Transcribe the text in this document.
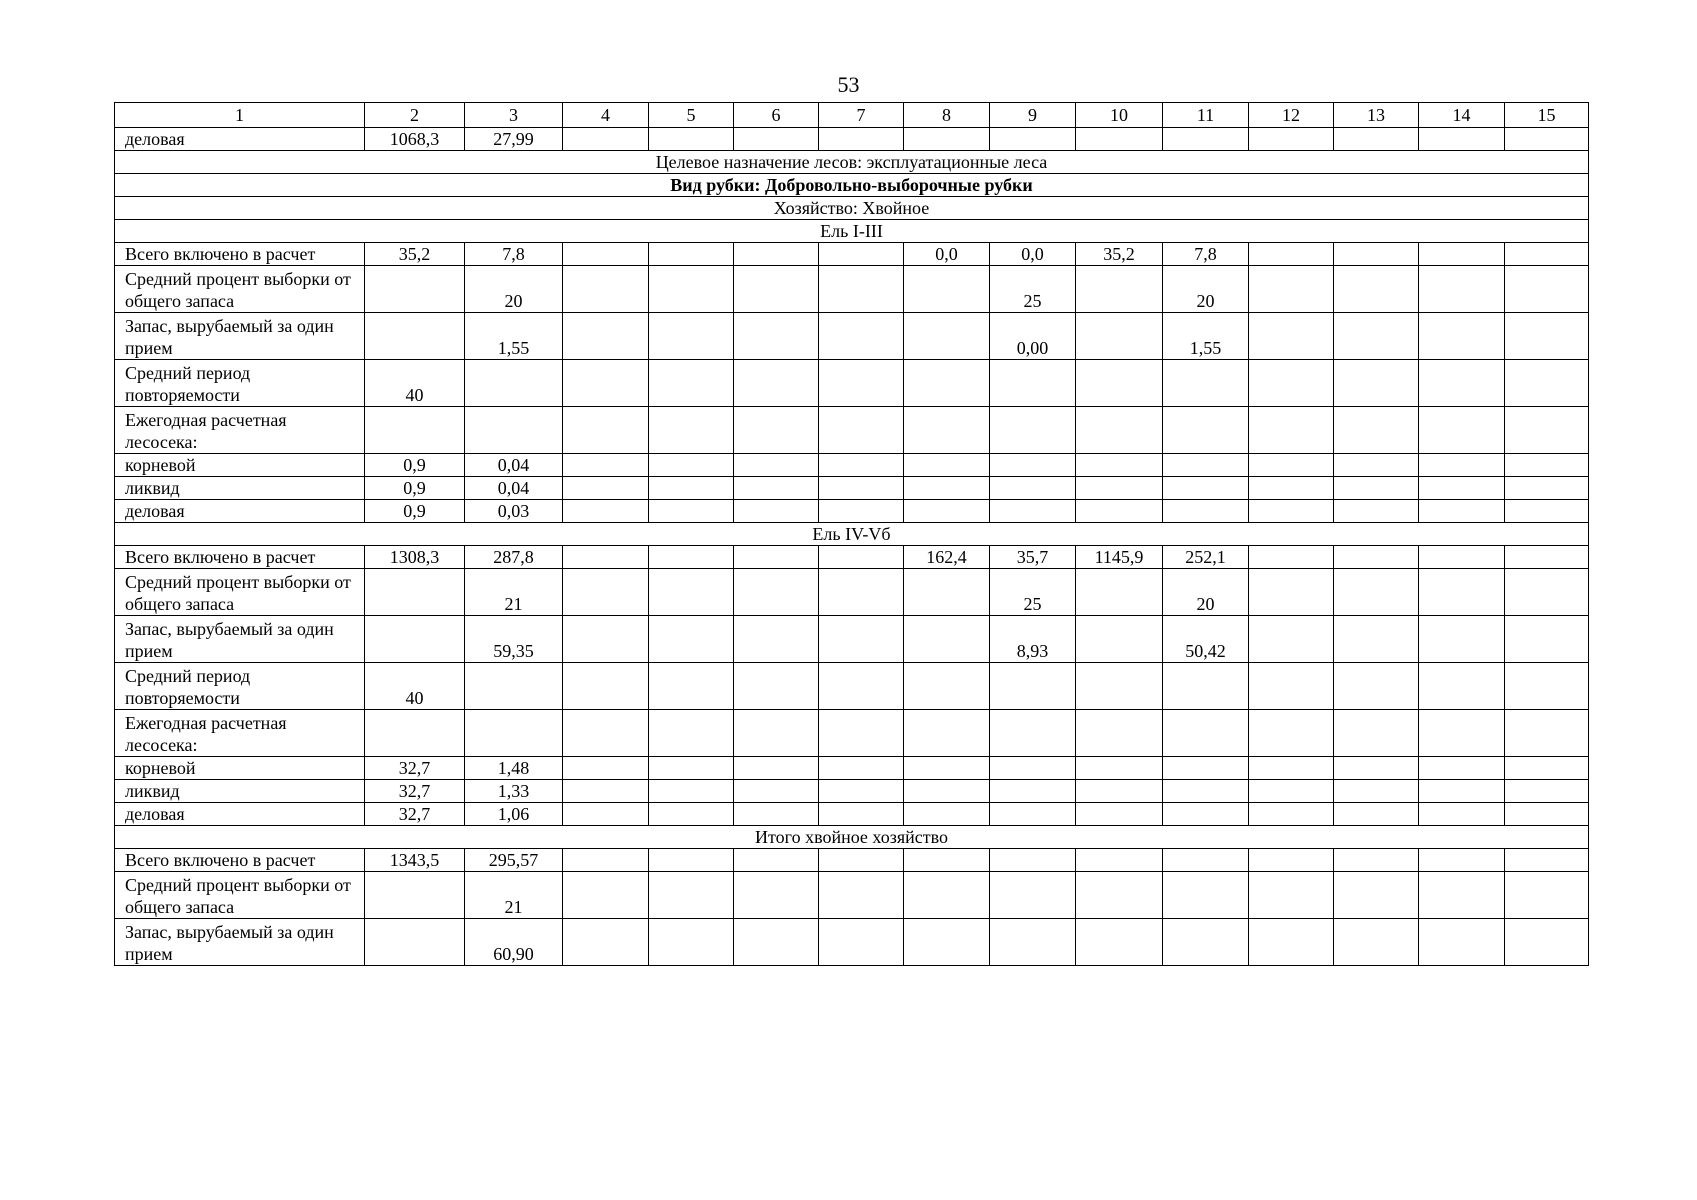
53
1	2	3	4	5	6	7	8	9	10	11	12	13	14	15
деловая	1068,3	27,99												
Целевое назначение лесов: эксплуатационные леса														
Вид рубки: Добровольно-выборочные рубки														
Хозяйство: Хвойное														
Ель I-III														
Всего включено в расчет	35,2	7,8					0,0	0,0	35,2	7,8				
Средний процент выборки от общего запаса		20						25		20				
Запас, вырубаемый за один прием		1,55						0,00		1,55				
Средний период повторяемости	40													
Ежегодная расчетная лесосека:														
корневой	0,9	0,04												
ликвид	0,9	0,04												
деловая	0,9	0,03												
Ель IV-Vб														
Всего включено в расчет	1308,3	287,8					162,4	35,7	1145,9	252,1				
Средний процент выборки от общего запаса		21						25		20				
Запас, вырубаемый за один прием		59,35						8,93		50,42				
Средний период повторяемости	40													
Ежегодная расчетная лесосека:														
корневой	32,7	1,48												
ликвид	32,7	1,33												
деловая	32,7	1,06												
Итого хвойное хозяйство														
Всего включено в расчет	1343,5	295,57												
Средний процент выборки от общего запаса		21												
Запас, вырубаемый за один прием		60,90												
